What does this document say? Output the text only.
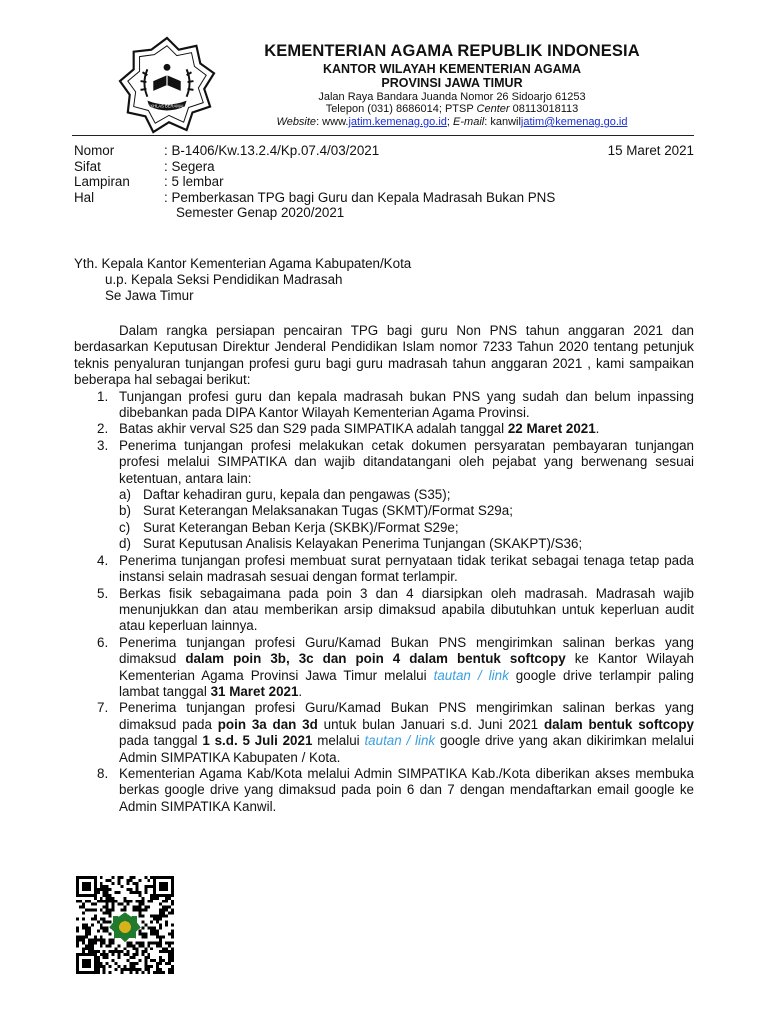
IKHLAS BERAMAL
KEMENTERIAN AGAMA REPUBLIK INDONESIA
KANTOR WILAYAH KEMENTERIAN AGAMA
PROVINSI JAWA TIMUR
Jalan Raya Bandara Juanda Nomor 26 Sidoarjo 61253
Telepon (031) 8686014; PTSP Center 08113018113
Website: www.jatim.kemenag.go.id; E-mail: kanwiljatim@kemenag.go.id
15 Maret 2021
Nomor	: B-1406/Kw.13.2.4/Kp.07.4/03/2021
Sifat	: Segera
Lampiran	: 5 lembar
Hal	: Pemberkasan TPG bagi Guru dan Kepala Madrasah Bukan PNS
Semester Genap 2020/2021
Yth. Kepala Kantor Kementerian Agama Kabupaten/Kota
u.p. Kepala Seksi Pendidikan Madrasah
Se Jawa Timur

Dalam rangka persiapan pencairan TPG bagi guru Non PNS tahun anggaran 2021 dan berdasarkan Keputusan Direktur Jenderal Pendidikan Islam nomor 7233 Tahun 2020 tentang petunjuk teknis penyaluran tunjangan profesi guru bagi guru madrasah tahun anggaran 2021 , kami sampaikan beberapa hal sebagai berikut:

1. Tunjangan profesi guru dan kepala madrasah bukan PNS yang sudah dan belum inpassing dibebankan pada DIPA Kantor Wilayah Kementerian Agama Provinsi.
2. Batas akhir verval S25 dan S29 pada SIMPATIKA adalah tanggal 22 Maret 2021.
3. Penerima tunjangan profesi melakukan cetak dokumen persyaratan pembayaran tunjangan profesi melalui SIMPATIKA dan wajib ditandatangani oleh pejabat yang berwenang sesuai ketentuan, antara lain:
a) Daftar kehadiran guru, kepala dan pengawas (S35);
b) Surat Keterangan Melaksanakan Tugas (SKMT)/Format S29a;
c) Surat Keterangan Beban Kerja (SKBK)/Format S29e;
d) Surat Keputusan Analisis Kelayakan Penerima Tunjangan (SKAKPT)/S36;
4. Penerima tunjangan profesi membuat surat pernyataan tidak terikat sebagai tenaga tetap pada instansi selain madrasah sesuai dengan format terlampir.
5. Berkas fisik sebagaimana pada poin 3 dan 4 diarsipkan oleh madrasah. Madrasah wajib menunjukkan dan atau memberikan arsip dimaksud apabila dibutuhkan untuk keperluan audit atau keperluan lainnya.
6. Penerima tunjangan profesi Guru/Kamad Bukan PNS mengirimkan salinan berkas yang dimaksud dalam poin 3b, 3c dan poin 4 dalam bentuk softcopy ke Kantor Wilayah Kementerian Agama Provinsi Jawa Timur melalui tautan / link google drive terlampir paling lambat tanggal 31 Maret 2021.
7. Penerima tunjangan profesi Guru/Kamad Bukan PNS mengirimkan salinan berkas yang dimaksud pada poin 3a dan 3d untuk bulan Januari s.d. Juni 2021 dalam bentuk softcopy pada tanggal 1 s.d. 5 Juli 2021 melalui tautan / link google drive yang akan dikirimkan melalui Admin SIMPATIKA Kabupaten / Kota.
8. Kementerian Agama Kab/Kota melalui Admin SIMPATIKA Kab./Kota diberikan akses membuka berkas google drive yang dimaksud pada poin 6 dan 7 dengan mendaftarkan email google ke Admin SIMPATIKA Kanwil.
